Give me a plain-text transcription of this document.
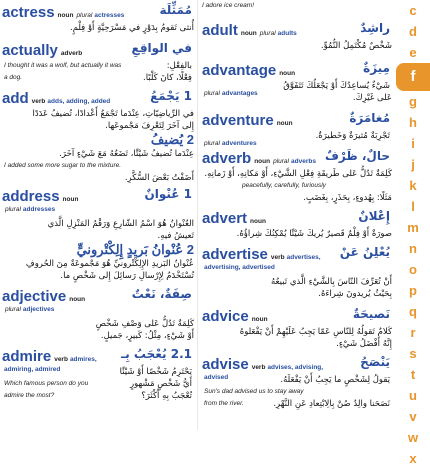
actress noun plural actresses	مُمَثِّلَة
أُنثى تَقومُ بِدَوْرٍ في مَسْرَحِيَّةٍ أَوْ فِلْمٍ.
actually adverb	في الواقِعِ
I thought it was a wolf, but actually it was	بالفِعْلِ:
a dog.	فِعْلًا، كانَ كَلْبًا.
add verb adds, adding, added	1 يَجْمَعُ
في الرِّياضِيّاتِ، عِنْدَما تَجْمَعُ أَعْدادًا، تُضيفُ عَدَدًا
إِلى آخَرَ لِتَعْرِفَ مَجْموعَها.
2 يُضيفُ
عِنْدَما تُضيفُ شَيْئًا، تَضَعُهُ مَعَ شَيْءٍ آخَرَ.
I added some more sugar to the mixture.
أَضَفْتُ بَعْضَ السُّكَّرِ.
address noun	1 عُنْوانٌ
plural addresses
العُنْوانُ هُوَ اسْمُ الشّارِعِ وَرَقْمُ المَنْزِلِ الَّذي
تَعيشُ فيهِ.
2 عُنْوانُ بَريدٍ إِلِكْتْرونيٍّ
عُنْوانُ البَريدِ الإِلِكْتْرونيِّ هُوَ مَجْموعَةٌ مِنَ الحُروفِ
تُسْتَخْدَمُ لِإِرْسالِ رَسائِلَ إِلى شَخْصٍ ما.
adjective noun	صِفَةٌ، نَعْتٌ
plural adjectives
كَلِمَةٌ تَدُلُّ عَلى وَصْفِ شَخْصٍ
أَوْ شَيْءٍ، مِثْلُ: كَبيرٍ، جَميلٍ.
admire verb admires, 2.1 يُعْجَبُ بِـ
admiring, admired	يَحْتَرِمُ شَخْصًا أَوْ شَيْئًا
Which famous person do you	أَيُّ شَخْصٍ مَشْهورٍ
admire the most?	تُعْجَبُ بِهِ أَكْثَرَ؟
I adore ice cream!
adult noun plural adults	راشِدٌ
شَخْصٌ مُكْتَمِلُ النُّمُوِّ.
advantage noun	مِيزَةٌ
plural advantages
شَيْءٌ يُساعِدُكَ أَوْ يَجْعَلُكَ تَتَفَوَّقُ
عَلى غَيْرِكَ.
adventure noun	مُغامَرَةٌ
plural adventures
تَجْرِبَةٌ مُثيرَةٌ وَخَطيرَةٌ.
adverb noun plural adverbs حالٌ، ظَرْفٌ
كَلِمَةٌ تَدُلُّ عَلى طَريقَةِ فِعْلِ الشَّيْءِ، أَوْ مَكانِهِ، أَوْ زَمانِهِ.
peacefully, carefully, furiously
مَثَلًا: بِهُدوءٍ، بِحَذَرٍ، بِغَضَبٍ.
advert noun	إِعْلانٌ
صورَةٌ أَوْ فِلْمٌ قَصيرٌ يُريكَ شَيْئًا يُمْكِنُكَ شِراؤُهُ.
advertise verb advertises, يُعْلِنُ عَنْ
advertising, advertised
أَنْ تُعَرِّفَ النّاسَ بِالشَّيْءِ الَّذي تَبيعُهُ
بِحَيْثُ يُريدونَ شِراءَهُ.
advice noun	نَصيحَةٌ
كَلامٌ تَقولُهُ لِلنّاسِ عَمّا يَجِبُ عَلَيْهِمْ أَنْ يَفْعَلوهُ
إِنَّهُ أَفْضَلُ شَيْءٍ.
advise verb advises, advising,	يَنْصَحُ
advised	يَقولُ لِشَخْصٍ ما يَجِبُ أَنْ يَفْعَلَهُ.
Sun's dad advised us to stay away
from the river.	نَصَحَنا والِدُ صُنْ بِالِابْتِعادِ عَنِ النَّهْرِ.
c
d
e
f
g
h
i
j
k
l
m
n
o
p
q
r
s
t
u
v
w
x
